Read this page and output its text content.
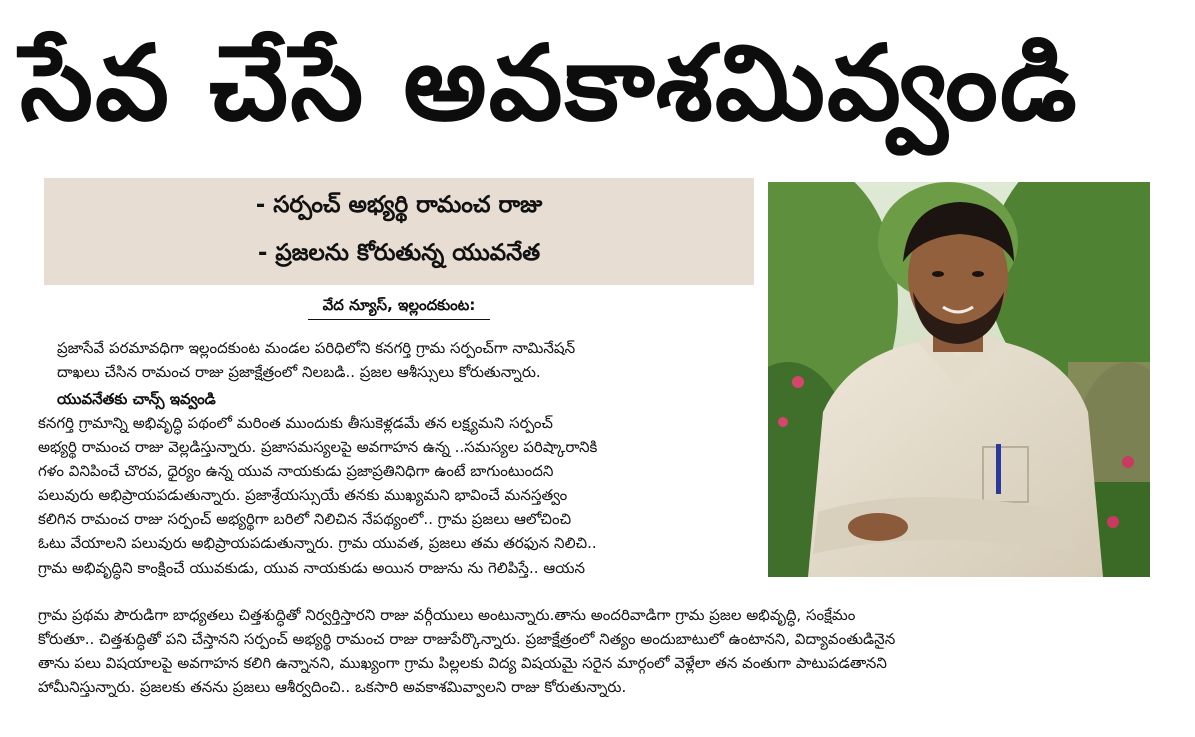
సేవ చేసే అవకాశమివ్వండి
- సర్పంచ్ అభ్యర్థి రామంచ రాజు
- ప్రజలను కోరుతున్న యువనేత
వేద న్యూస్, ఇల్లందకుంట:

ప్రజాసేవే పరమావధిగా ఇల్లందకుంట మండల పరిధిలోని కనగర్తి గ్రామ సర్పంచ్‌గా నామినేషన్
దాఖలు చేసిన రామంచ రాజు ప్రజాక్షేత్రంలో నిలబడి.. ప్రజల ఆశీస్సులు కోరుతున్నారు.

యువనేతకు చాన్స్ ఇవ్వండి

కనగర్తి గ్రామాన్ని అభివృద్ధి పథంలో మరింత ముందుకు తీసుకెళ్లడమే తన లక్ష్యమని సర్పంచ్
అభ్యర్థి రామంచ రాజు వెల్లడిస్తున్నారు. ప్రజాసమస్యలపై అవగాహన ఉన్న ..సమస్యల పరిష్కారానికి
గళం వినిపించే చొరవ, ధైర్యం ఉన్న యువ నాయకుడు ప్రజాప్రతినిధిగా ఉంటే బాగుంటుందని
పలువురు అభిప్రాయపడుతున్నారు. ప్రజాశ్రేయస్సుయే తనకు ముఖ్యమని భావించే మనస్తత్వం
కలిగిన రామంచ రాజు సర్పంచ్ అభ్యర్థిగా బరిలో నిలిచిన నేపథ్యంలో.. గ్రామ ప్రజలు ఆలోచించి
ఓటు వేయాలని పలువురు అభిప్రాయపడుతున్నారు. గ్రామ యువత, ప్రజలు తమ తరఫున నిలిచి..
గ్రామ అభివృద్ధిని కాంక్షించే యువకుడు, యువ నాయకుడు అయిన రాజును ను గెలిపిస్తే.. ఆయన

గ్రామ ప్రథమ పౌరుడిగా బాధ్యతలు చిత్తశుద్ధితో నిర్వర్తిస్తారని రాజు వర్గీయులు అంటున్నారు.తాను అందరివాడిగా గ్రామ ప్రజల అభివృద్ధి, సంక్షేమం
కోరుతూ.. చిత్తశుద్ధితో పని చేస్తానని సర్పంచ్ అభ్యర్థి రామంచ రాజు రాజుపేర్కొన్నారు. ప్రజాక్షేత్రంలో నిత్యం అందుబాటులో ఉంటానని, విద్యావంతుడినైన
తాను పలు విషయాలపై అవగాహన కలిగి ఉన్నానని, ముఖ్యంగా గ్రామ పిల్లలకు విద్య విషయమై సరైన మార్గంలో వెళ్లేలా తన వంతుగా పాటుపడతానని
హామీనిస్తున్నారు. ప్రజలకు తనను ప్రజలు ఆశీర్వదించి.. ఒకసారి అవకాశమివ్వాలని రాజు కోరుతున్నారు.
